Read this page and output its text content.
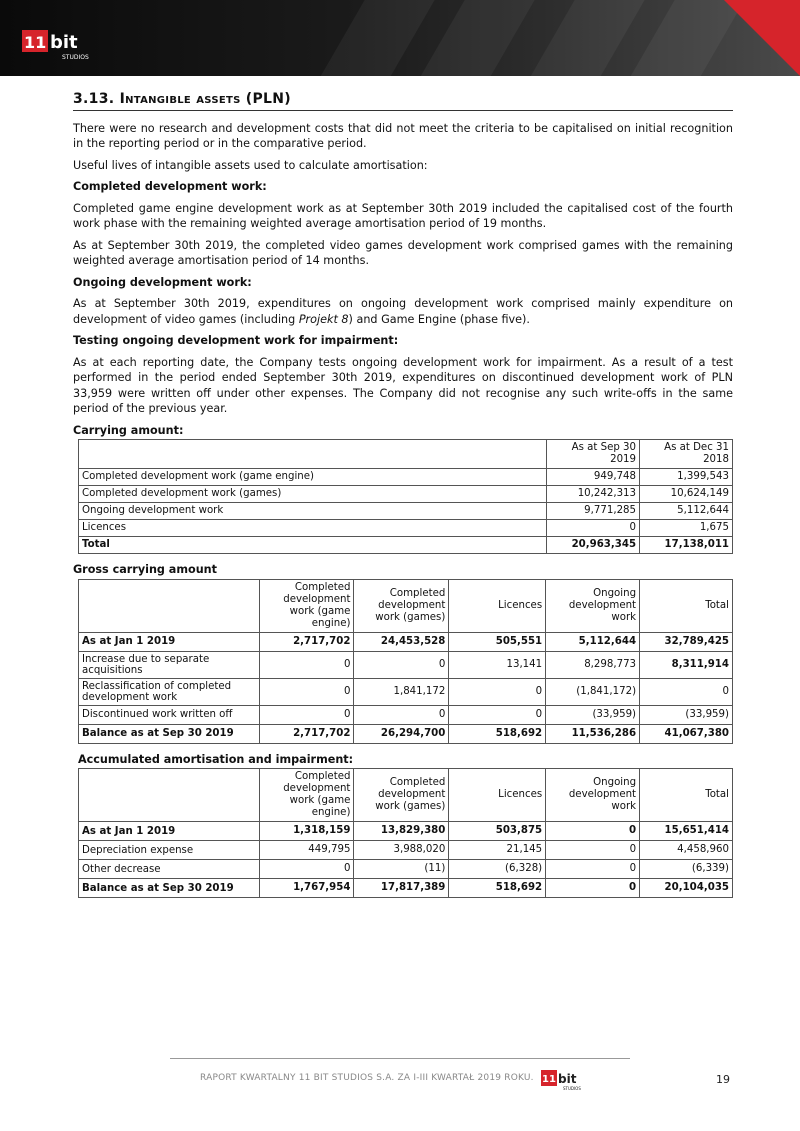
11 bit
STUDIOS
3.13. Intangible assets (PLN)

There were no research and development costs that did not meet the criteria to be capitalised on initial recognition in the reporting period or in the comparative period.

Useful lives of intangible assets used to calculate amortisation:

Completed development work:

Completed game engine development work as at September 30th 2019 included the capitalised cost of the fourth work phase with the remaining weighted average amortisation period of 19 months.

As at September 30th 2019, the completed video games development work comprised games with the remaining weighted average amortisation period of 14 months.

Ongoing development work:

As at September 30th 2019, expenditures on ongoing development work comprised mainly expenditure on development of video games (including Projekt 8) and Game Engine (phase five).

Testing ongoing development work for impairment:

As at each reporting date, the Company tests ongoing development work for impairment. As a result of a test performed in the period ended September 30th 2019, expenditures on discontinued development work of PLN 33,959 were written off under other expenses. The Company did not recognise any such write-offs in the same period of the previous year.

Carrying amount:
	As at Sep 30 2019	As at Dec 31 2018
Completed development work (game engine)	949,748	1,399,543
Completed development work (games)	10,242,313	10,624,149
Ongoing development work	9,771,285	5,112,644
Licences	0	1,675
Total	20,963,345	17,138,011
Gross carrying amount
	Completed development work (game engine)	Completed development work (games)	Licences	Ongoing development work	Total
As at Jan 1 2019	2,717,702	24,453,528	505,551	5,112,644	32,789,425
Increase due to separate acquisitions	0	0	13,141	8,298,773	8,311,914
Reclassification of completed development work	0	1,841,172	0	(1,841,172)	0
Discontinued work written off	0	0	0	(33,959)	(33,959)
Balance as at Sep 30 2019	2,717,702	26,294,700	518,692	11,536,286	41,067,380
Accumulated amortisation and impairment:
	Completed development work (game engine)	Completed development work (games)	Licences	Ongoing development work	Total
As at Jan 1 2019	1,318,159	13,829,380	503,875	0	15,651,414
Depreciation expense	449,795	3,988,020	21,145	0	4,458,960
Other decrease	0	(11)	(6,328)	0	(6,339)
Balance as at Sep 30 2019	1,767,954	17,817,389	518,692	0	20,104,035
RAPORT KWARTALNY 11 BIT STUDIOS S.A. ZA I-III KWARTAŁ 2019 ROKU. 11 bit
STUDIOS
19
